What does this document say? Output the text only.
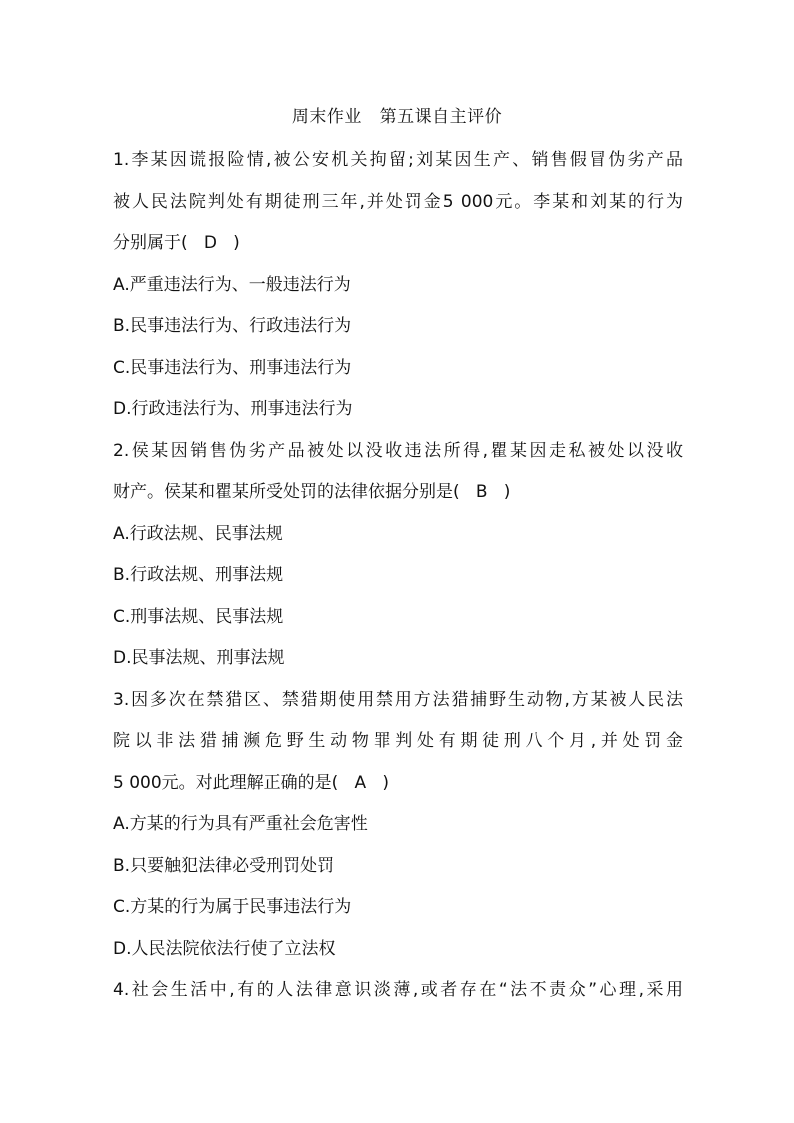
周末作业   第五课自主评价
1.李某因谎报险情,被公安机关拘留;刘某因生产、销售假冒伪劣产品
被人民法院判处有期徒刑三年,并处罚金5 000元。李某和刘某的行为
分别属于(   D   )
A.严重违法行为、一般违法行为
B.民事违法行为、行政违法行为
C.民事违法行为、刑事违法行为
D.行政违法行为、刑事违法行为
2.侯某因销售伪劣产品被处以没收违法所得,瞿某因走私被处以没收
财产。侯某和瞿某所受处罚的法律依据分别是(   B   )
A.行政法规、民事法规
B.行政法规、刑事法规
C.刑事法规、民事法规
D.民事法规、刑事法规
3.因多次在禁猎区、禁猎期使用禁用方法猎捕野生动物,方某被人民法
院以非法猎捕濒危野生动物罪判处有期徒刑八个月,并处罚金
5 000元。对此理解正确的是(   A   )
A.方某的行为具有严重社会危害性
B.只要触犯法律必受刑罚处罚
C.方某的行为属于民事违法行为
D.人民法院依法行使了立法权
4.社会生活中,有的人法律意识淡薄,或者存在“法不责众”心理,采用
